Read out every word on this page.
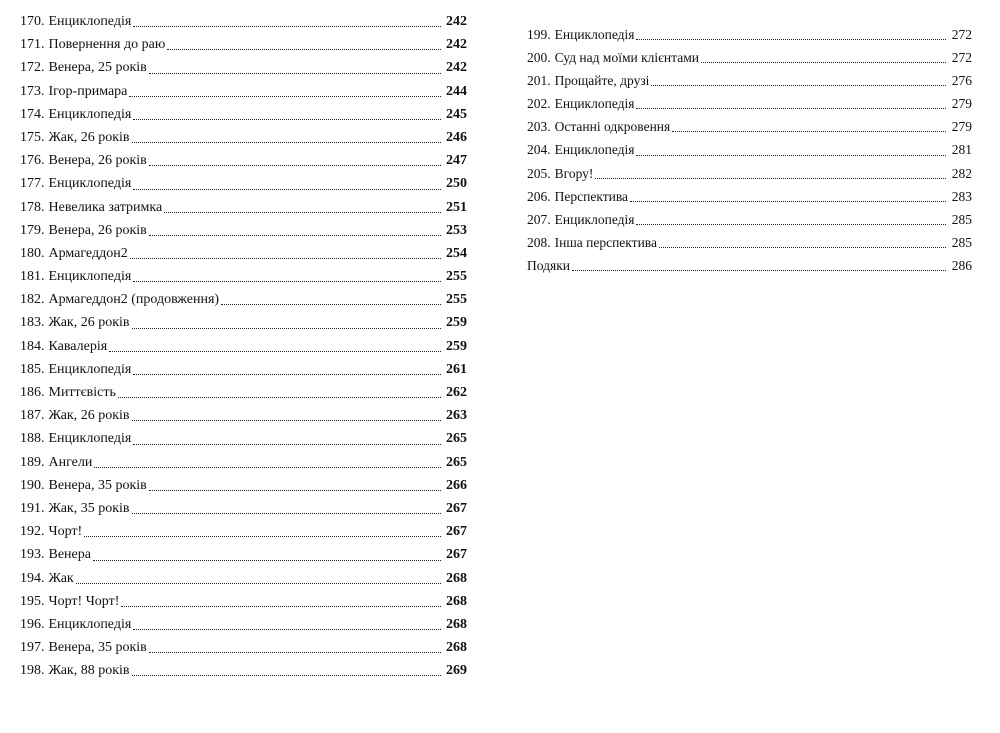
170. Енциклопедія	242
171. Повернення до раю	242
172. Венера, 25 років	242
173. Ігор-примара	244
174. Енциклопедія	245
175. Жак, 26 років	246
176. Венера, 26 років	247
177. Енциклопедія	250
178. Невелика затримка	251
179. Венера, 26 років	253
180. Армагеддон2	254
181. Енциклопедія	255
182. Армагеддон2 (продовження)	255
183. Жак, 26 років	259
184. Кавалерія	259
185. Енциклопедія	261
186. Миттєвість	262
187. Жак, 26 років	263
188. Енциклопедія	265
189. Ангели	265
190. Венера, 35 років	266
191. Жак, 35 років	267
192. Чорт!	267
193. Венера	267
194. Жак	268
195. Чорт! Чорт!	268
196. Енциклопедія	268
197. Венера, 35 років	268
198. Жак, 88 років	269
199. Енциклопедія	272
200. Суд над моїми клієнтами	272
201. Прощайте, друзі	276
202. Енциклопедія	279
203. Останні одкровення	279
204. Енциклопедія	281
205. Вгору!	282
206. Перспектива	283
207. Енциклопедія	285
208. Інша перспектива	285
Подяки	286
